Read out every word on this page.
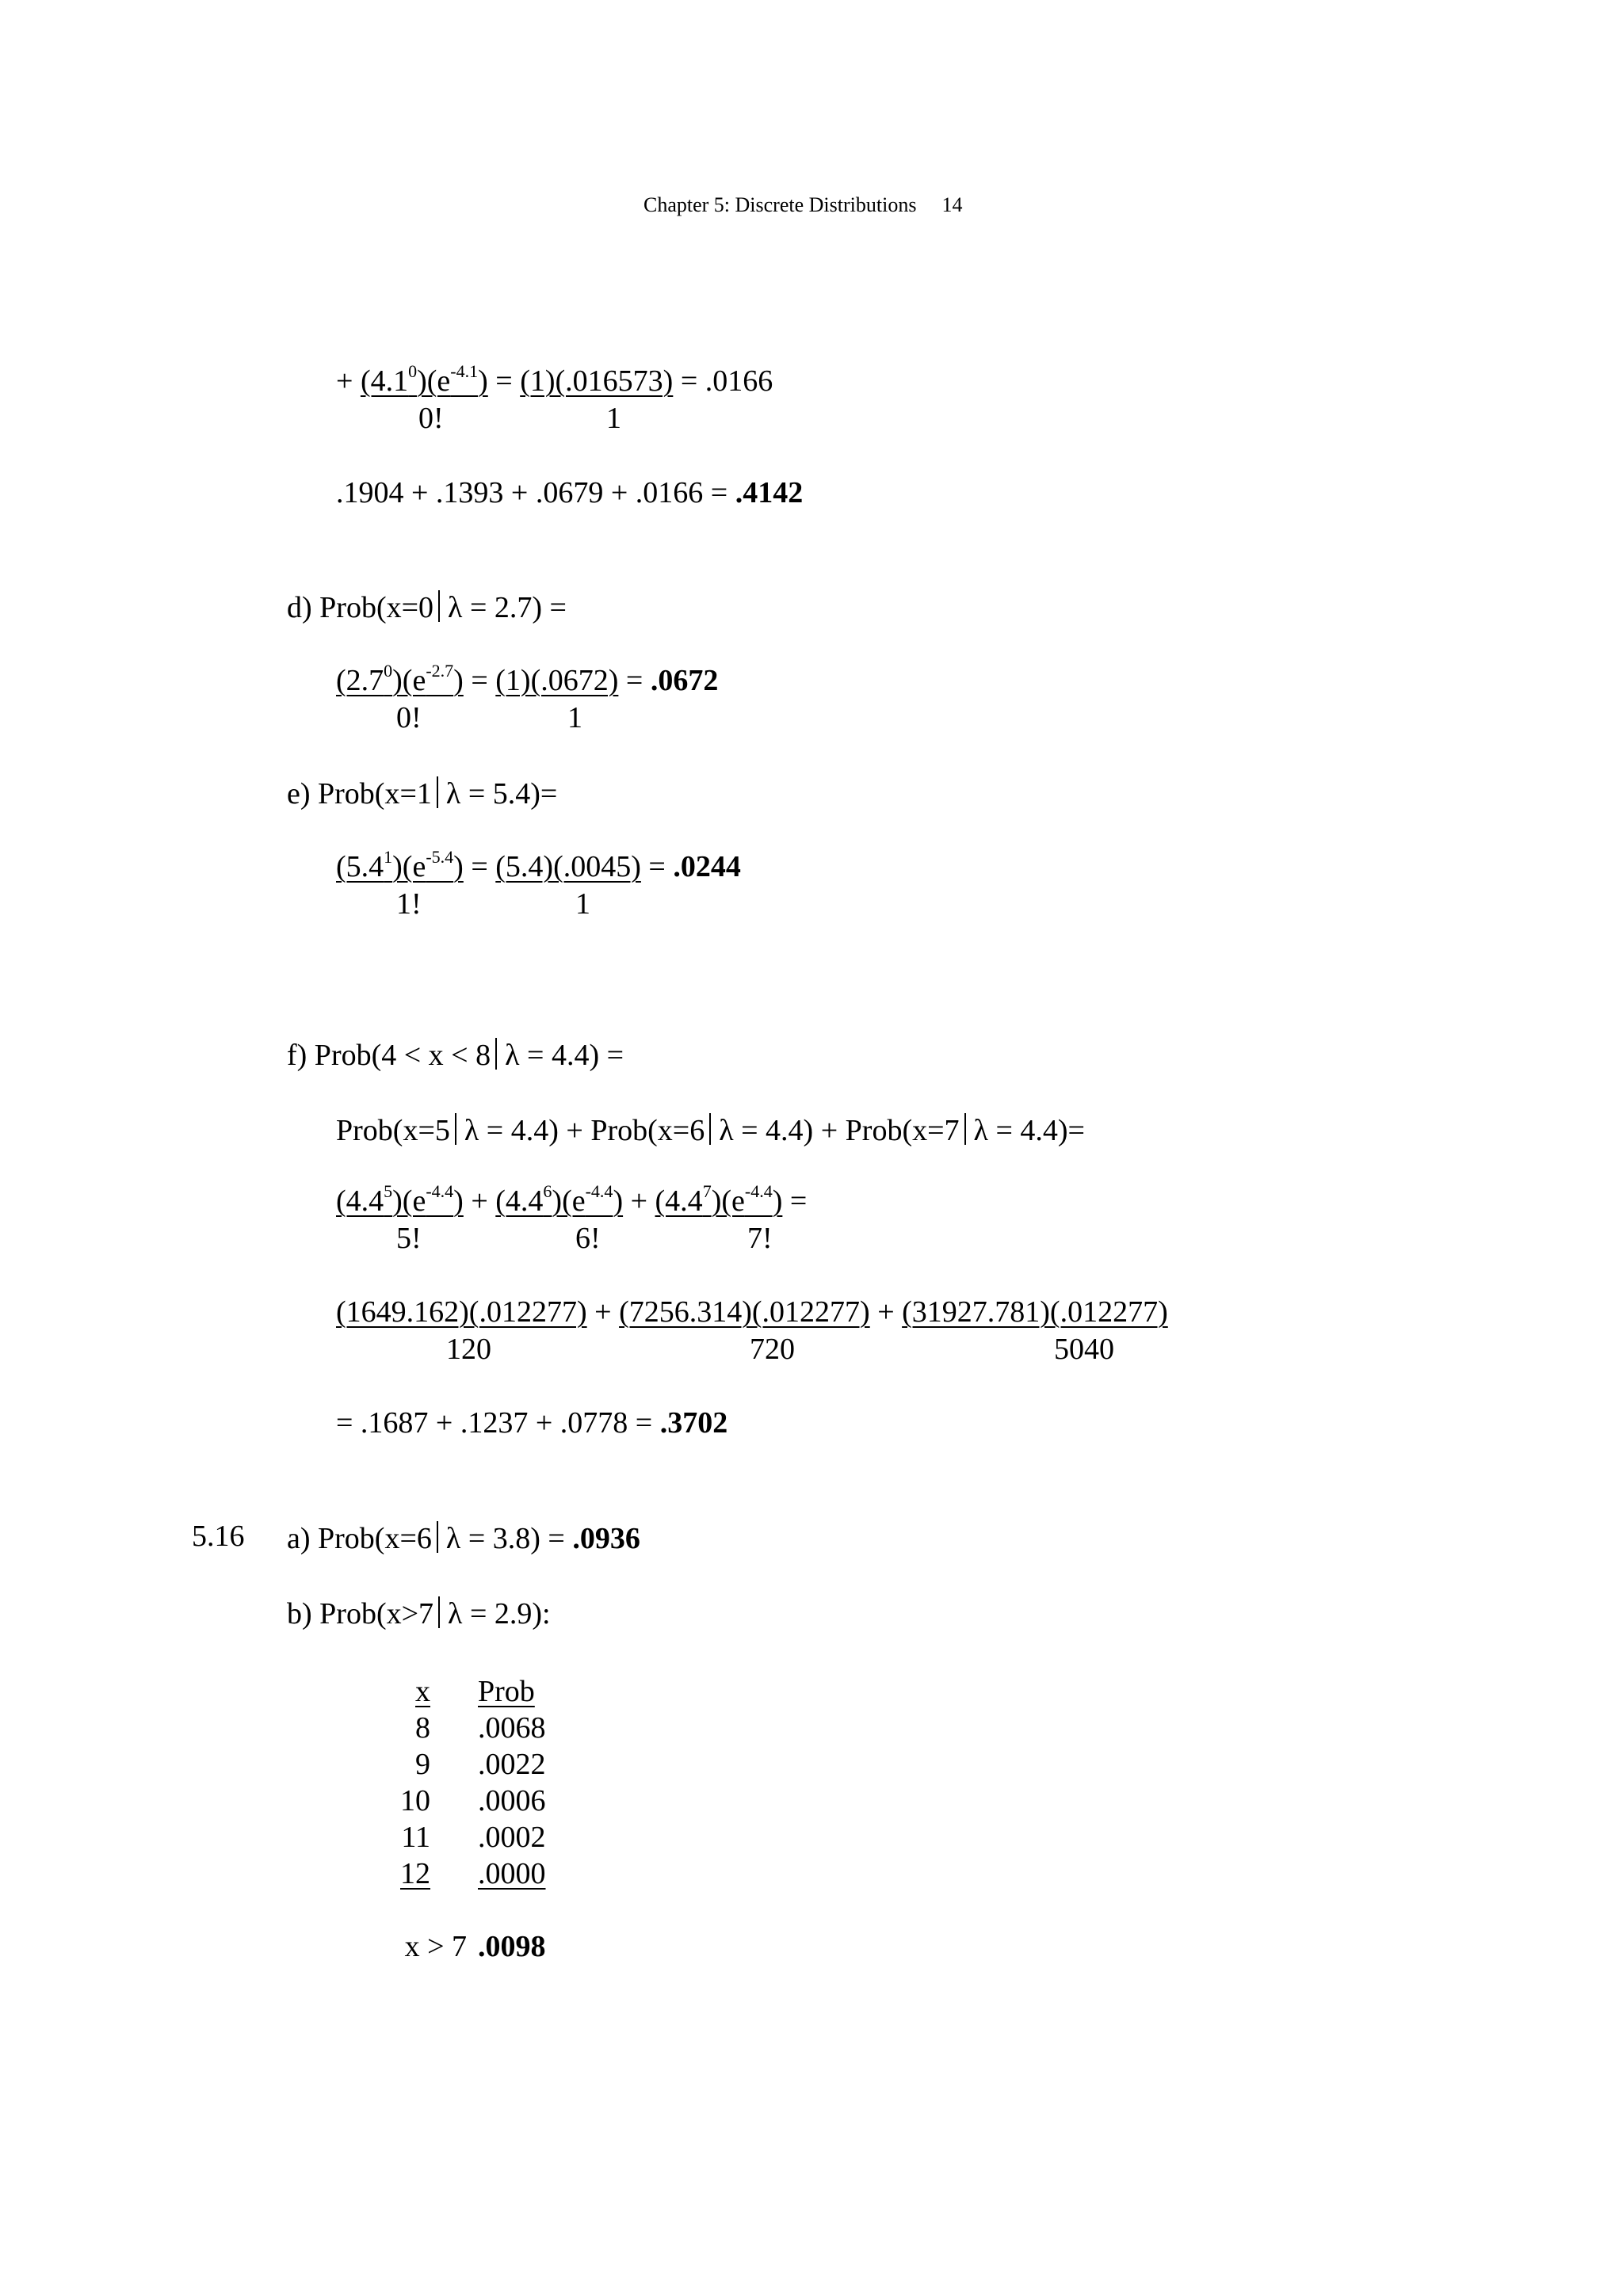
Chapter 5: Discrete Distributions 14
+ $(4.1^0)(e^{-4.1}) = (1)(.016573) = .0166$
0!	1
.1904 + .1393 + .0679 + .0166 = .4142
d) Prob(x=0 λ = 2.7) =
$(2.7^0)(e^{-2.7}) = (1)(.0672) = .0672$
0!	1
e) Prob(x=1 λ = 5.4)=
$(5.4^1)(e^{-5.4}) = (5.4)(.0045) = .0244$
1!	1
f) Prob(4 < x < 8 λ = 4.4) =
Prob(x=5 λ = 4.4) + Prob(x=6 λ = 4.4) + Prob(x=7 λ = 4.4)=
$(4.4^5)(e^{-4.4}) + (4.4^6)(e^{-4.4}) + (4.4^7)(e^{-4.4})$ =
5!	6!	7!
(1649.162)(.012277) + (7256.314)(.012277) + (31927.781)(.012277)
120	720	5040
= .1687 + .1237 + .0778 = .3702
5.16 a) Prob(x=6 λ = 3.8) = .0936
b) Prob(x>7 λ = 2.9):
x		Prob
8		.0068
9		.0022
10		.0006
11		.0002
12		.0000

x > 7		.0098
